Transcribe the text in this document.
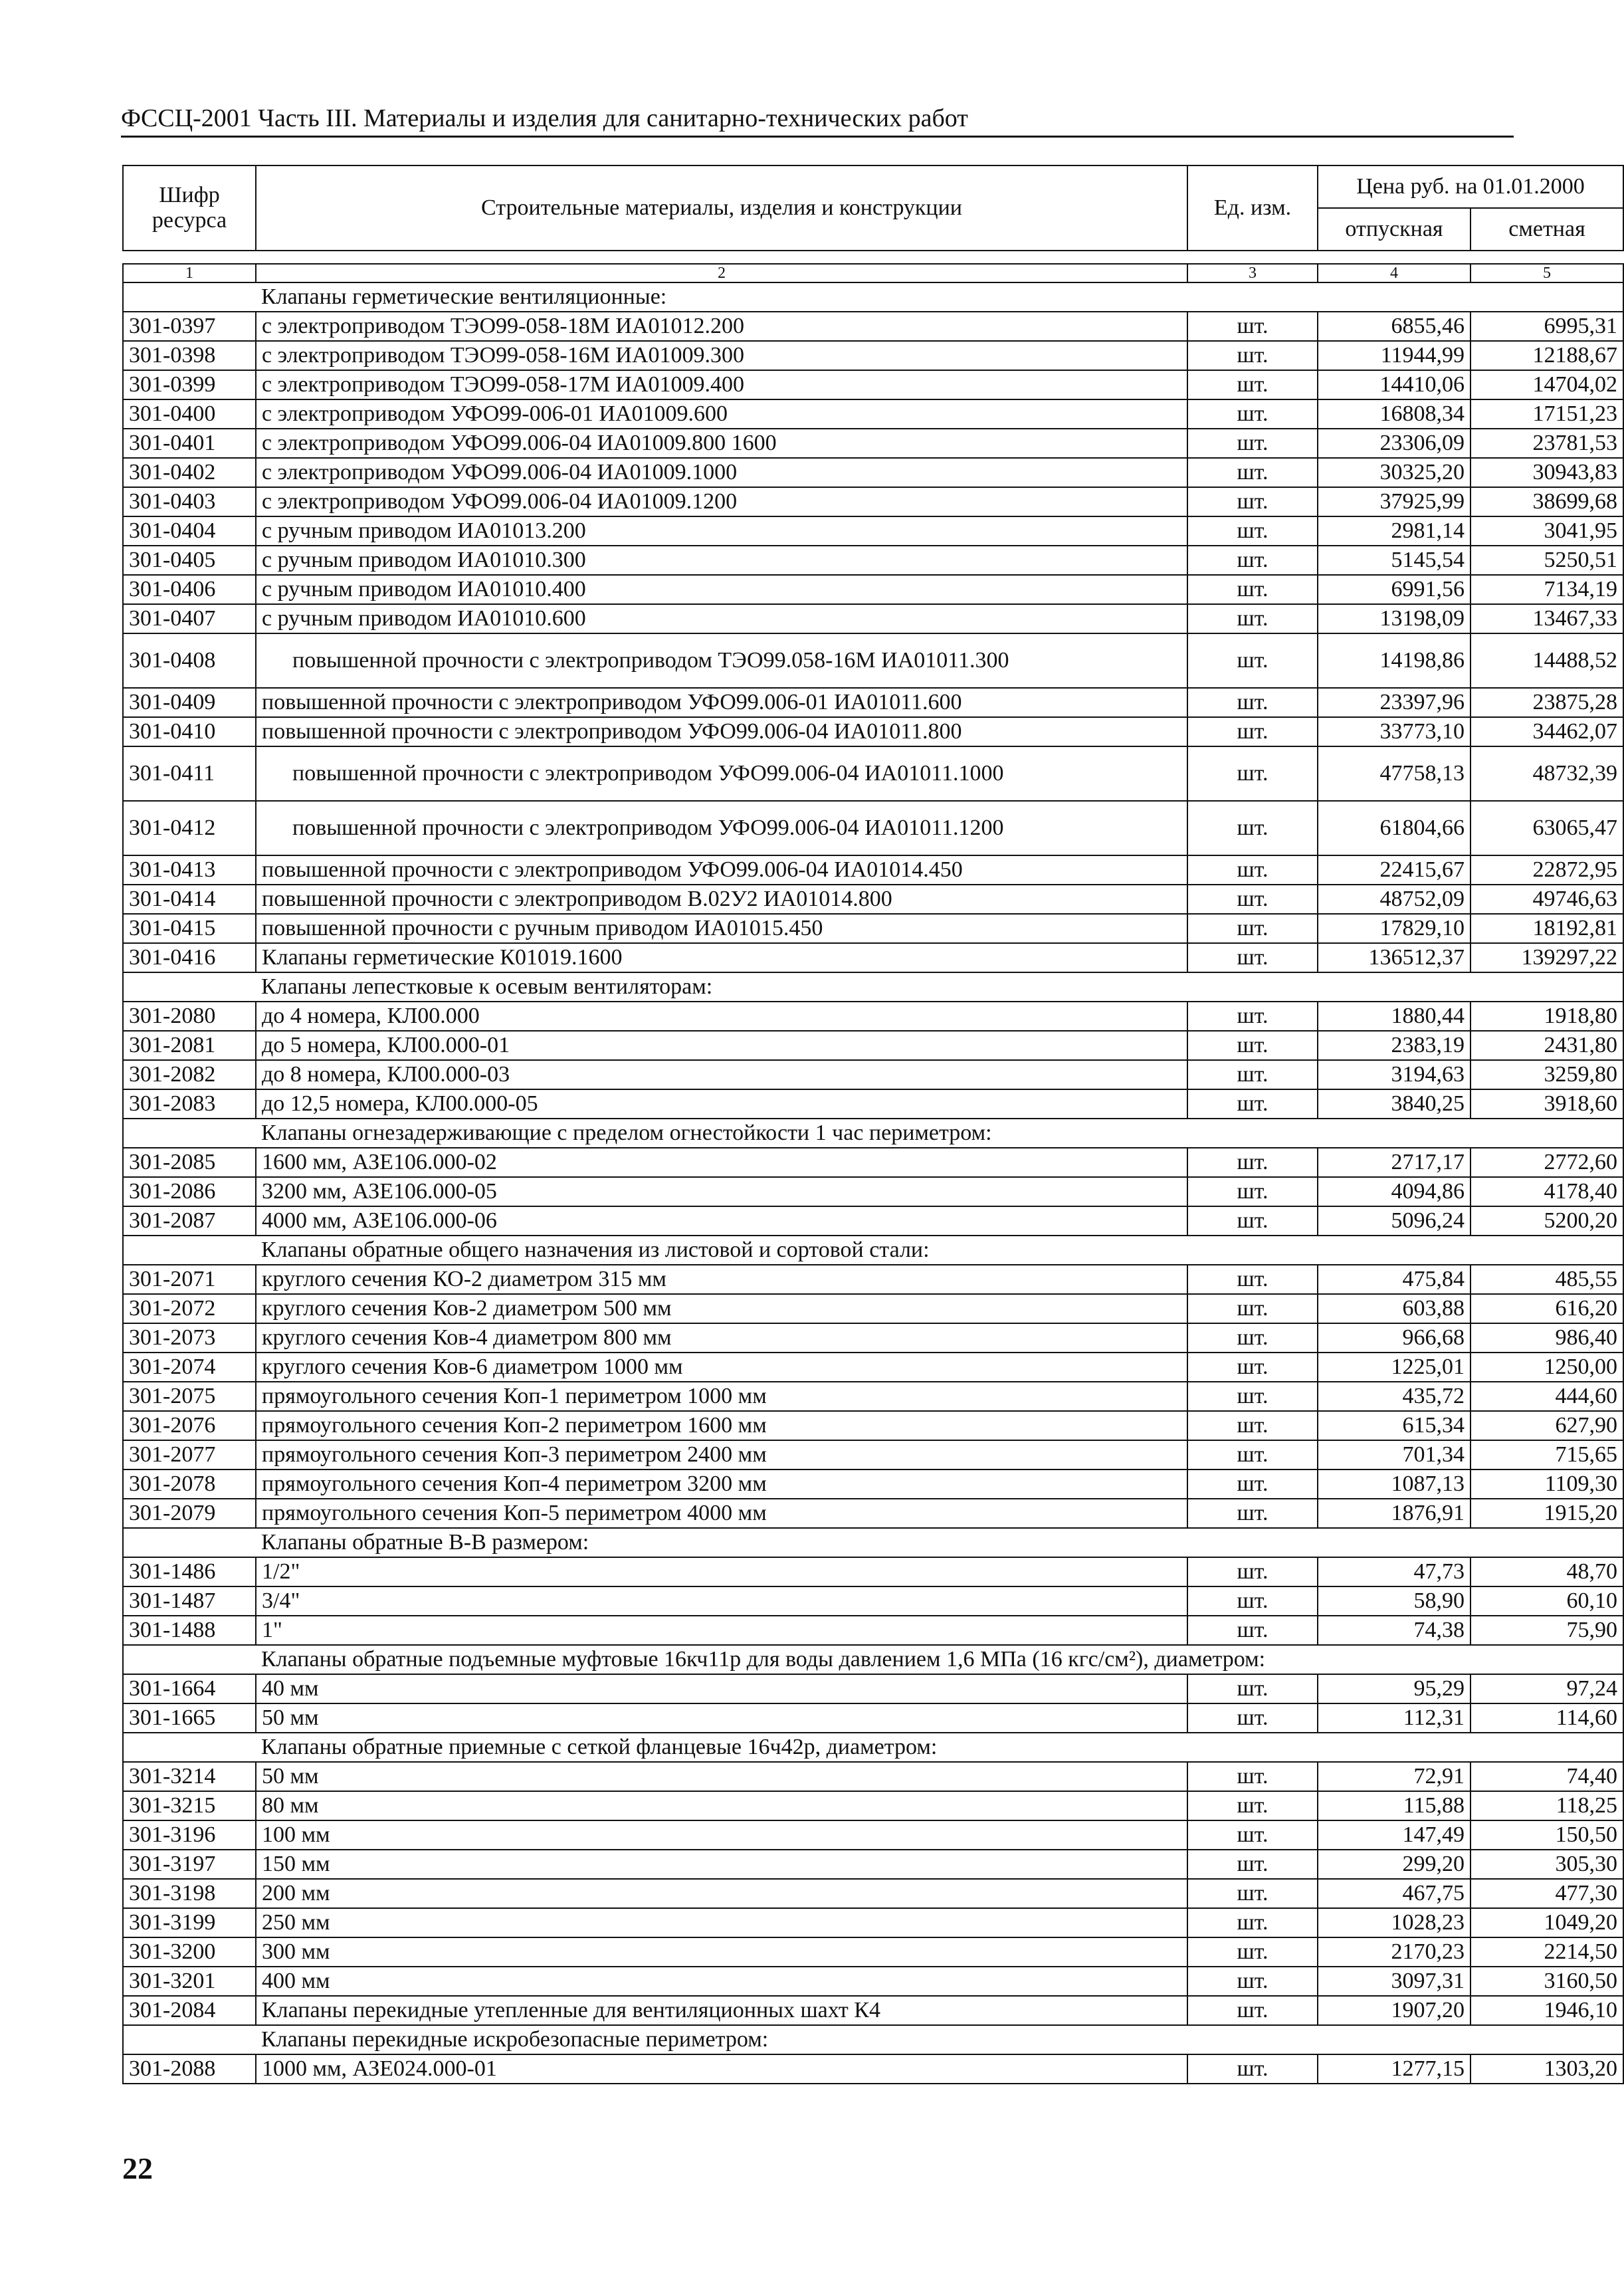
ФССЦ-2001 Часть III. Материалы и изделия для санитарно-технических работ
Шифр ресурса	Строительные материалы, изделия и конструкции	Ед. изм.	Цена руб. на 01.01.2000	
			отпускная	сметная

1	2	3	4	5
	Клапаны герметические вентиляционные:			
301-0397	с электроприводом ТЭО99-058-18М ИА01012.200	шт.	6855,46	6995,31
301-0398	с электроприводом ТЭО99-058-16М ИА01009.300	шт.	11944,99	12188,67
301-0399	с электроприводом ТЭО99-058-17М ИА01009.400	шт.	14410,06	14704,02
301-0400	с электроприводом УФО99-006-01 ИА01009.600	шт.	16808,34	17151,23
301-0401	с электроприводом УФО99.006-04 ИА01009.800 1600	шт.	23306,09	23781,53
301-0402	с электроприводом УФО99.006-04 ИА01009.1000	шт.	30325,20	30943,83
301-0403	с электроприводом УФО99.006-04 ИА01009.1200	шт.	37925,99	38699,68
301-0404	с ручным приводом ИА01013.200	шт.	2981,14	3041,95
301-0405	с ручным приводом ИА01010.300	шт.	5145,54	5250,51
301-0406	с ручным приводом ИА01010.400	шт.	6991,56	7134,19
301-0407	с ручным приводом ИА01010.600	шт.	13198,09	13467,33
301-0408	повышенной прочности с электроприводом ТЭО99.058-16М ИА01011.300	шт.	14198,86	14488,52
301-0409	повышенной прочности с электроприводом УФО99.006-01 ИА01011.600	шт.	23397,96	23875,28
301-0410	повышенной прочности с электроприводом УФО99.006-04 ИА01011.800	шт.	33773,10	34462,07
301-0411	повышенной прочности с электроприводом УФО99.006-04 ИА01011.1000	шт.	47758,13	48732,39
301-0412	повышенной прочности с электроприводом УФО99.006-04 ИА01011.1200	шт.	61804,66	63065,47
301-0413	повышенной прочности с электроприводом УФО99.006-04 ИА01014.450	шт.	22415,67	22872,95
301-0414	повышенной прочности с электроприводом В.02У2 ИА01014.800	шт.	48752,09	49746,63
301-0415	повышенной прочности с ручным приводом ИА01015.450	шт.	17829,10	18192,81
301-0416	Клапаны герметические К01019.1600	шт.	136512,37	139297,22
	Клапаны лепестковые к осевым вентиляторам:			
301-2080	до 4 номера, КЛ00.000	шт.	1880,44	1918,80
301-2081	до 5 номера, КЛ00.000-01	шт.	2383,19	2431,80
301-2082	до 8 номера, КЛ00.000-03	шт.	3194,63	3259,80
301-2083	до 12,5 номера, КЛ00.000-05	шт.	3840,25	3918,60
	Клапаны огнезадерживающие с пределом огнестойкости 1 час периметром:			
301-2085	1600 мм, АЗЕ106.000-02	шт.	2717,17	2772,60
301-2086	3200 мм, АЗЕ106.000-05	шт.	4094,86	4178,40
301-2087	4000 мм, АЗЕ106.000-06	шт.	5096,24	5200,20
	Клапаны обратные общего назначения из листовой и сортовой стали:			
301-2071	круглого сечения КО-2 диаметром 315 мм	шт.	475,84	485,55
301-2072	круглого сечения Ков-2 диаметром 500 мм	шт.	603,88	616,20
301-2073	круглого сечения Ков-4 диаметром 800 мм	шт.	966,68	986,40
301-2074	круглого сечения Ков-6 диаметром 1000 мм	шт.	1225,01	1250,00
301-2075	прямоугольного сечения Коп-1 периметром 1000 мм	шт.	435,72	444,60
301-2076	прямоугольного сечения Коп-2 периметром 1600 мм	шт.	615,34	627,90
301-2077	прямоугольного сечения Коп-3 периметром 2400 мм	шт.	701,34	715,65
301-2078	прямоугольного сечения Коп-4 периметром 3200 мм	шт.	1087,13	1109,30
301-2079	прямоугольного сечения Коп-5 периметром 4000 мм	шт.	1876,91	1915,20
	Клапаны обратные В-В размером:			
301-1486	1/2"	шт.	47,73	48,70
301-1487	3/4"	шт.	58,90	60,10
301-1488	1"	шт.	74,38	75,90
	Клапаны обратные подъемные муфтовые 16кч11р для воды давлением 1,6 МПа (16 кгс/см²), диаметром:			
301-1664	40 мм	шт.	95,29	97,24
301-1665	50 мм	шт.	112,31	114,60
	Клапаны обратные приемные с сеткой фланцевые 16ч42р, диаметром:			
301-3214	50 мм	шт.	72,91	74,40
301-3215	80 мм	шт.	115,88	118,25
301-3196	100 мм	шт.	147,49	150,50
301-3197	150 мм	шт.	299,20	305,30
301-3198	200 мм	шт.	467,75	477,30
301-3199	250 мм	шт.	1028,23	1049,20
301-3200	300 мм	шт.	2170,23	2214,50
301-3201	400 мм	шт.	3097,31	3160,50
301-2084	Клапаны перекидные утепленные для вентиляционных шахт К4	шт.	1907,20	1946,10
	Клапаны перекидные искробезопасные периметром:			
301-2088	1000 мм, АЗЕ024.000-01	шт.	1277,15	1303,20
22
